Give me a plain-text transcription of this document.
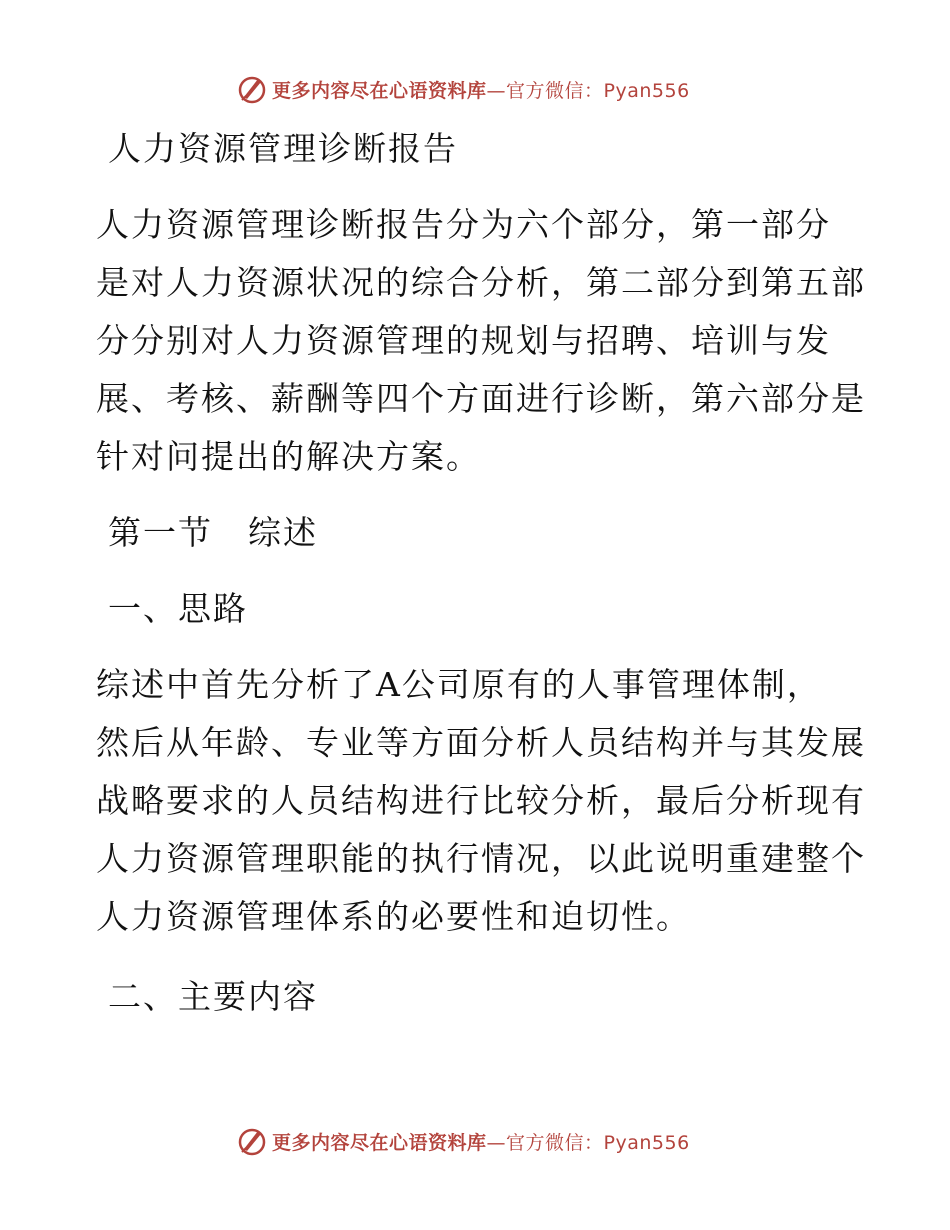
更多内容尽在心语资料库—官方微信：Pyan556

人力资源管理诊断报告

人力资源管理诊断报告分为六个部分，第一部分

是对人力资源状况的综合分析，第二部分到第五部

分分别对人力资源管理的规划与招聘、培训与发

展、考核、薪酬等四个方面进行诊断，第六部分是

针对问提出的解决方案。

第一节　综述

一、思路

综述中首先分析了A公司原有的人事管理体制，

然后从年龄、专业等方面分析人员结构并与其发展

战略要求的人员结构进行比较分析，最后分析现有

人力资源管理职能的执行情况，以此说明重建整个

人力资源管理体系的必要性和迫切性。

二、主要内容

更多内容尽在心语资料库—官方微信：Pyan556
